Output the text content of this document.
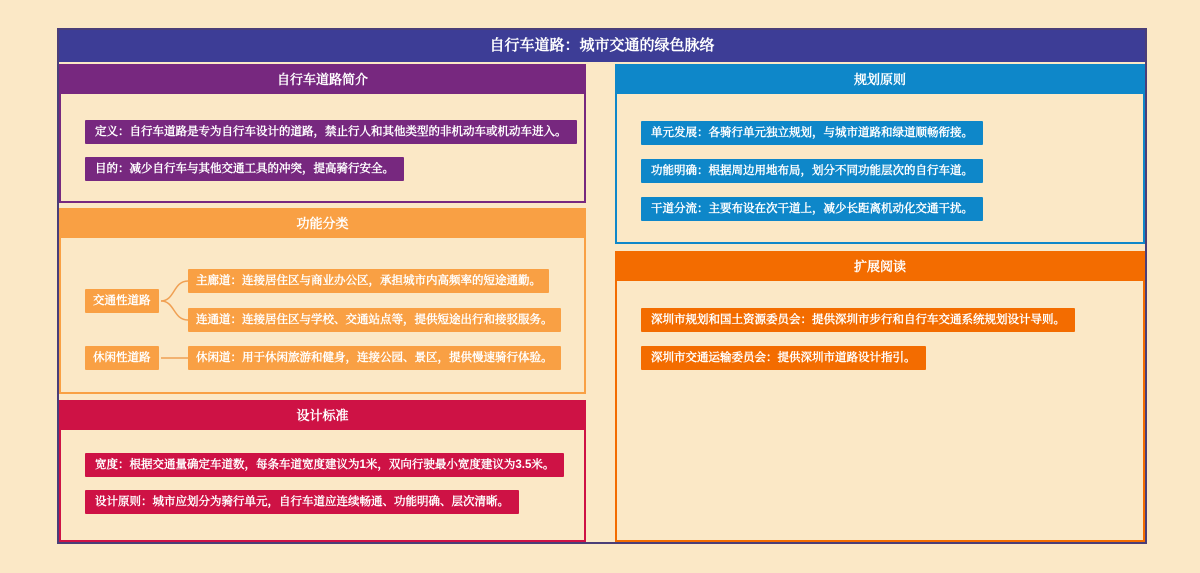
自行车道路：城市交通的绿色脉络
自行车道路简介
定义：自行车道路是专为自行车设计的道路，禁止行人和其他类型的非机动车或机动车进入。
目的：减少自行车与其他交通工具的冲突，提高骑行安全。
功能分类
交通性道路
休闲性道路
主廊道：连接居住区与商业办公区，承担城市内高频率的短途通勤。
连通道：连接居住区与学校、交通站点等，提供短途出行和接驳服务。
休闲道：用于休闲旅游和健身，连接公园、景区，提供慢速骑行体验。
设计标准
宽度：根据交通量确定车道数，每条车道宽度建议为1米，双向行驶最小宽度建议为3.5米。
设计原则：城市应划分为骑行单元，自行车道应连续畅通、功能明确、层次清晰。
规划原则
单元发展：各骑行单元独立规划，与城市道路和绿道顺畅衔接。
功能明确：根据周边用地布局，划分不同功能层次的自行车道。
干道分流：主要布设在次干道上，减少长距离机动化交通干扰。
扩展阅读
深圳市规划和国土资源委员会：提供深圳市步行和自行车交通系统规划设计导则。
深圳市交通运输委员会：提供深圳市道路设计指引。
